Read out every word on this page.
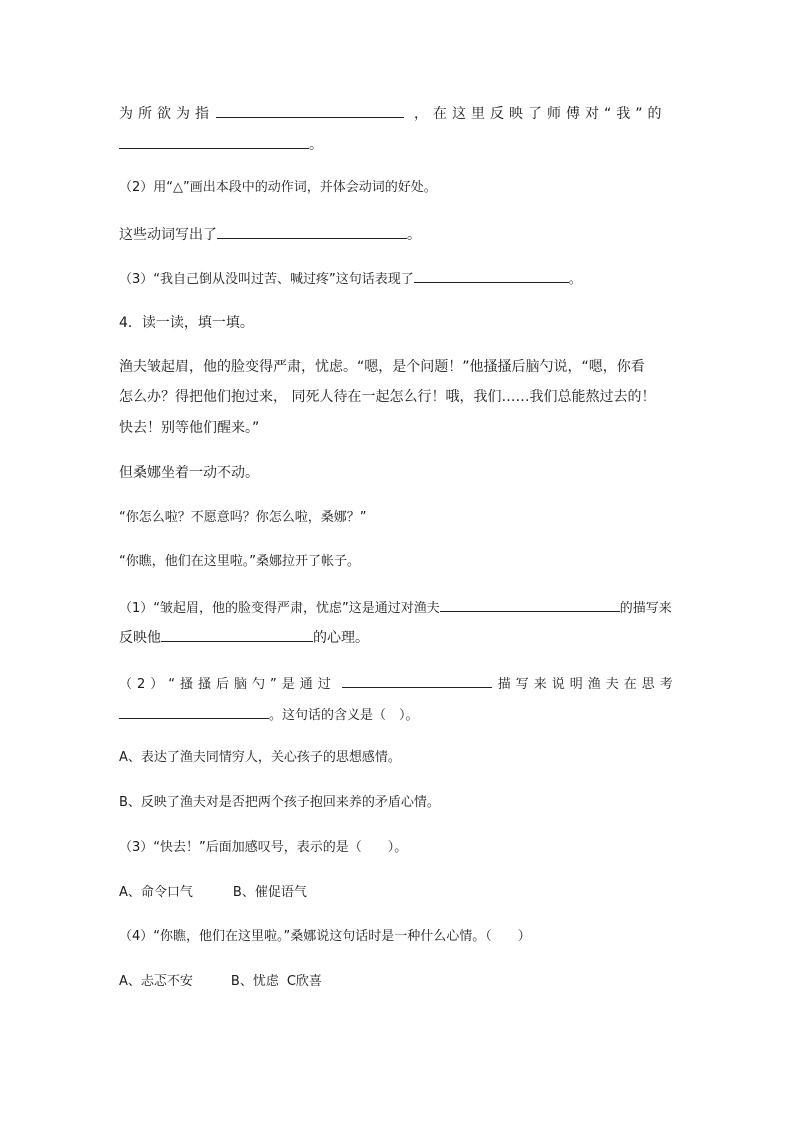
为所欲为指	，在这里反映了师傅对“我”的
。
（2）用“△”画出本段中的动作词，并体会动词的好处。
这些动词写出了	。
（3）“我自己倒从没叫过苦、喊过疼”这句话表现了	。
4．读一读，填一填。
渔夫皱起眉，他的脸变得严肃，忧虑。“嗯，是个问题！”他搔搔后脑勺说，“嗯，你看
怎么办？得把他们抱过来， 同死人待在一起怎么行！哦，我们……我们总能熬过去的！
快去！别等他们醒来。”
但桑娜坐着一动不动。
“你怎么啦？不愿意吗？你怎么啦，桑娜？”
“你瞧，他们在这里啦。”桑娜拉开了帐子。
（1）“皱起眉，他的脸变得严肃，忧虑”这是通过对渔夫	的描写来
反映他	的心理。
（2）“搔搔后脑勺”是通过	描写来说明渔夫在思考
。这句话的含义是（　）。
A、表达了渔夫同情穷人，关心孩子的思想感情。
B、反映了渔夫对是否把两个孩子抱回来养的矛盾心情。
（3）“快去！”后面加感叹号，表示的是（　　）。
A、命令口气	B、催促语气
（4）“你瞧，他们在这里啦。”桑娜说这句话时是一种什么心情。（　　）
A、忐忑不安	B、忧虑 C欣喜
